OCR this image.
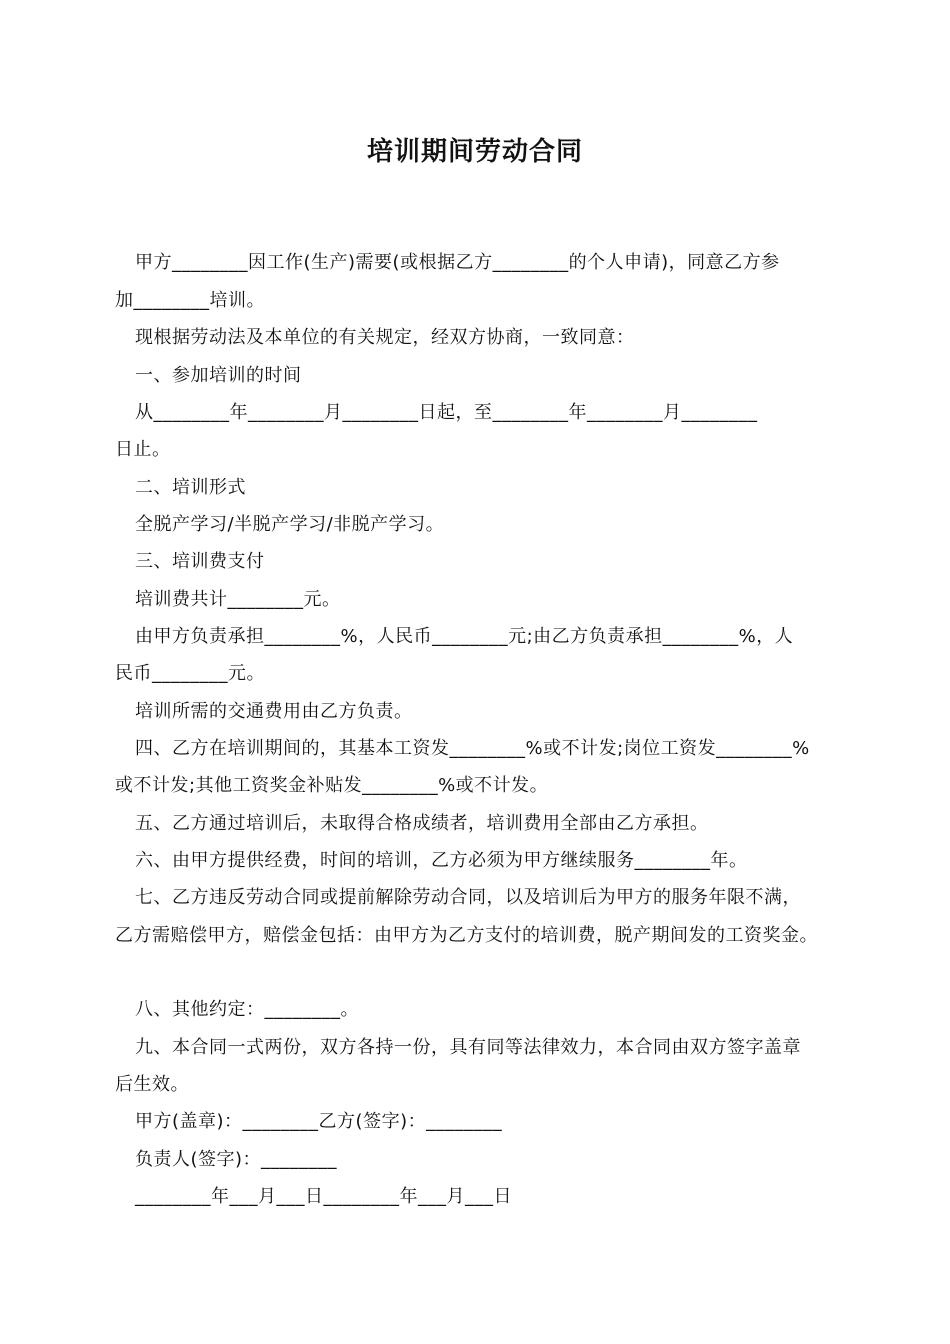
培训期间劳动合同
甲方________因工作(生产)需要(或根据乙方________的个人申请)，同意乙方参
加________培训。
现根据劳动法及本单位的有关规定，经双方协商，一致同意：
一、参加培训的时间
从________年________月________日起，至________年________月________
日止。
二、培训形式
全脱产学习/半脱产学习/非脱产学习。
三、培训费支付
培训费共计________元。
由甲方负责承担________%，人民币________元;由乙方负责承担________%，人
民币________元。
培训所需的交通费用由乙方负责。
四、乙方在培训期间的，其基本工资发________%或不计发;岗位工资发________%
或不计发;其他工资奖金补贴发________%或不计发。
五、乙方通过培训后，未取得合格成绩者，培训费用全部由乙方承担。
六、由甲方提供经费，时间的培训，乙方必须为甲方继续服务________年。
七、乙方违反劳动合同或提前解除劳动合同，以及培训后为甲方的服务年限不满，
乙方需赔偿甲方，赔偿金包括：由甲方为乙方支付的培训费，脱产期间发的工资奖金。
八、其他约定：________。
九、本合同一式两份，双方各持一份，具有同等法律效力，本合同由双方签字盖章
后生效。
甲方(盖章)：________乙方(签字)：________
负责人(签字)：________
________年___月___日________年___月___日
